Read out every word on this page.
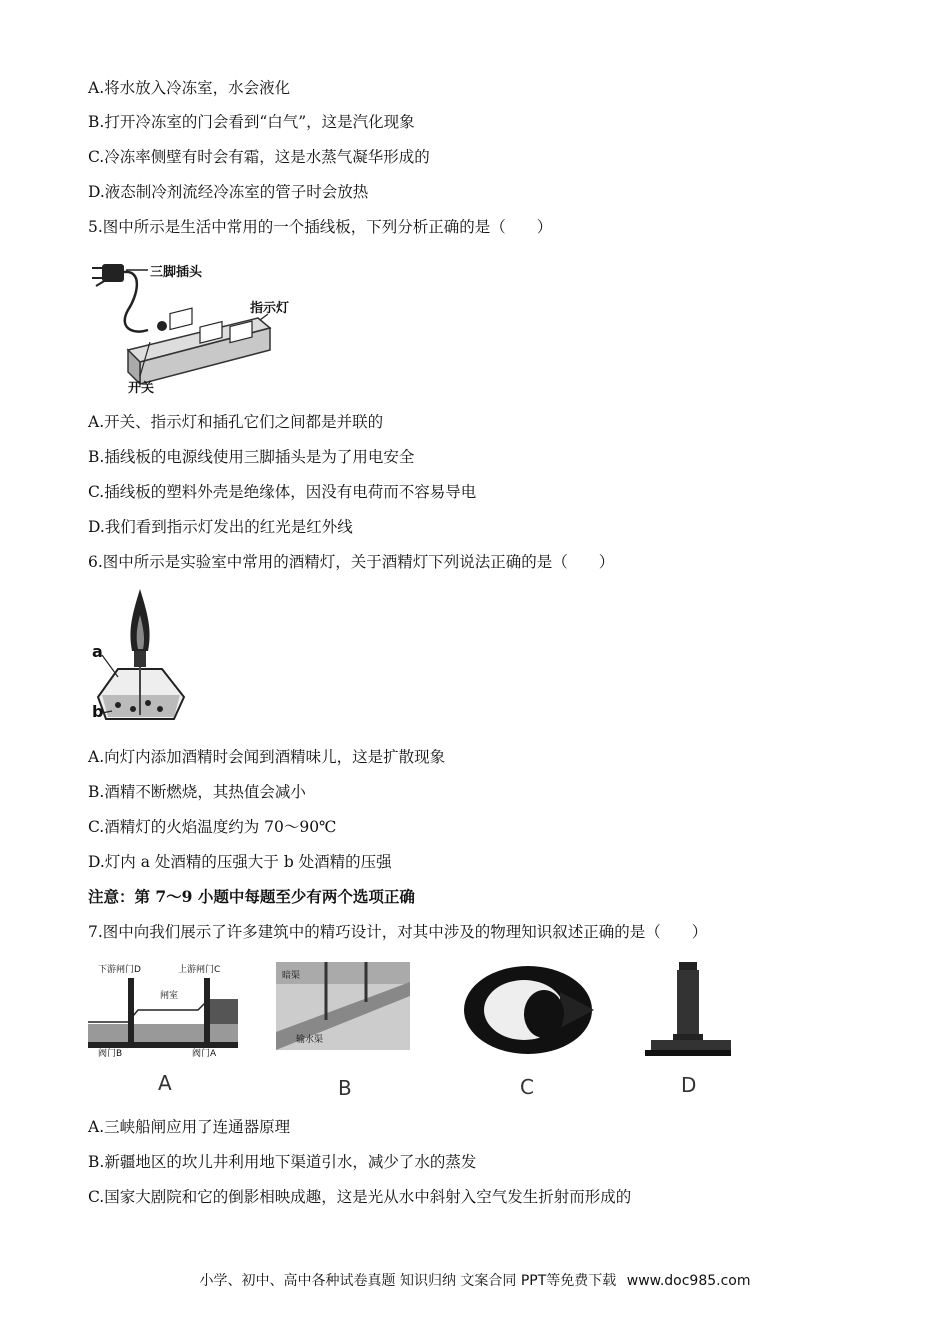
A.将水放入冷冻室，水会液化
B.打开冷冻室的门会看到“白气”，这是汽化现象
C.冷冻率侧壁有时会有霜，这是水蒸气凝华形成的
D.液态制冷剂流经冷冻室的管子时会放热
5.图中所示是生活中常用的一个插线板，下列分析正确的是（　　）
三脚插头
指示灯
开关
A.开关、指示灯和插孔它们之间都是并联的
B.插线板的电源线使用三脚插头是为了用电安全
C.插线板的塑料外壳是绝缘体，因没有电荷而不容易导电
D.我们看到指示灯发出的红光是红外线
6.图中所示是实验室中常用的酒精灯，关于酒精灯下列说法正确的是（　　）
a
b
A.向灯内添加酒精时会闻到酒精味儿，这是扩散现象
B.酒精不断燃烧，其热值会减小
C.酒精灯的火焰温度约为 70～90℃
D.灯内 a 处酒精的压强大于 b 处酒精的压强
注意：第 7～9 小题中每题至少有两个选项正确
7.图中向我们展示了许多建筑中的精巧设计，对其中涉及的物理知识叙述正确的是（　　）
下游闸门D	上游闸门C
闸室
阀门B	阀门A
A
暗渠
输水渠
B	C	D
A.三峡船闸应用了连通器原理
B.新疆地区的坎儿井利用地下渠道引水，减少了水的蒸发
C.国家大剧院和它的倒影相映成趣，这是光从水中斜射入空气发生折射而形成的
小学、初中、高中各种试卷真题 知识归纳 文案合同 PPT等免费下载 www.doc985.com
